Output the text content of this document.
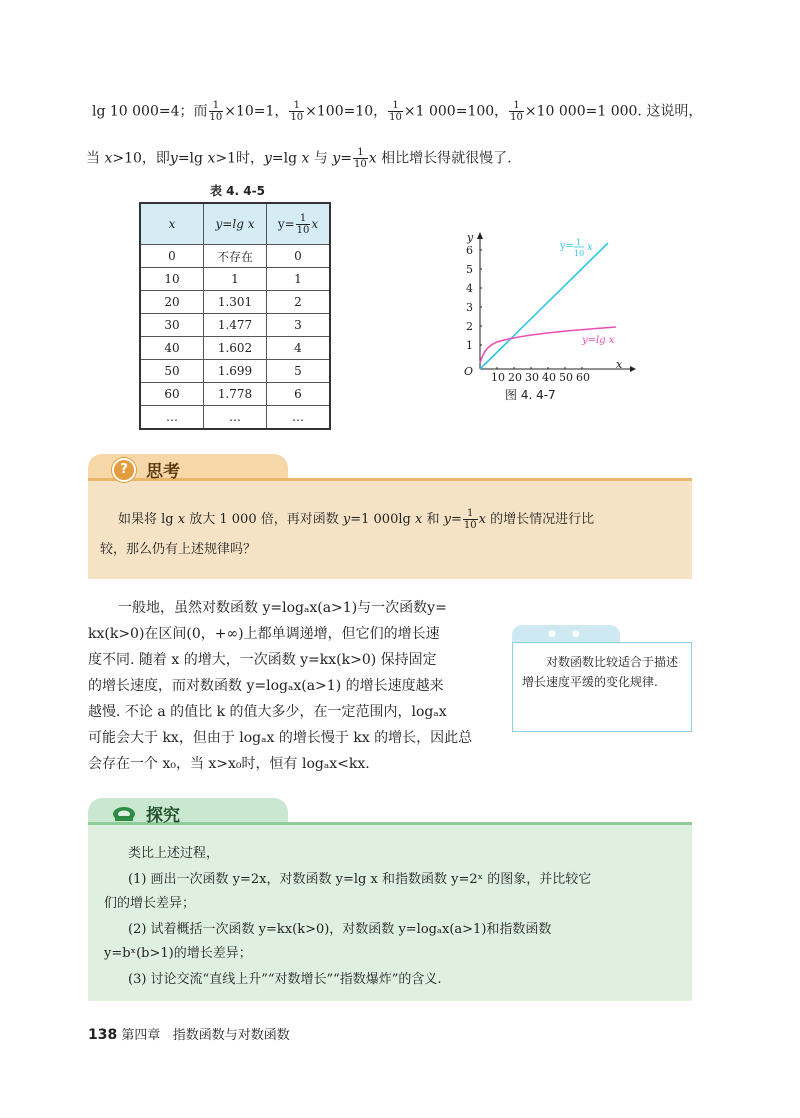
lg 10 000=4；而 $\frac{1}{10} \times 10=1$， $\frac{1}{10} \times 100=10$， $\frac{1}{10} \times 1$ 000=100， $\frac{1}{10} \times 10$ 000=1 000. 这说明，
当 x>10，即y=lg x>1时，y=lg x 与 $y= \frac{1}{10}$ x 相比增长得就很慢了.
表 4. 4-5
x	y=lg x	$y= \frac{1}{10}$ x
0	不存在	0
10	1	1
20	1.301	2
30	1.477	3
40	1.602	4
50	1.699	5
60	1.778	6
…	…	…
x
y
O 10 20 30 40 50 60
1
2
3
4
5
6	y= 1
10
x
y=lg x
图 4. 4-7
?	思考
如果将 lg x 放大 1 000 倍，再对函数 y=1 000lg x 和 $y= \frac{1}{10}$ x 的增长情况进行比
较，那么仍有上述规律吗？
一般地，虽然对数函数 y=logₐx(a>1)与一次函数y=
kx(k>0)在区间(0，+∞)上都单调递增，但它们的增长速
度不同. 随着 x 的增大，一次函数 y=kx(k>0) 保持固定
的增长速度，而对数函数 y=logₐx(a>1) 的增长速度越来
越慢. 不论 a 的值比 k 的值大多少，在一定范围内，logₐx
可能会大于 kx，但由于 logₐx 的增长慢于 kx 的增长，因此总
会存在一个 x₀，当 x>x₀时，恒有 logₐx<kx.
●●
对数函数比较适合于描述增长速度平缓的变化规律.
探究
类比上述过程，
(1) 画出一次函数 y=2x，对数函数 y=lg x 和指数函数 y=2ˣ 的图象，并比较它
们的增长差异；
(2) 试着概括一次函数 y=kx(k>0)，对数函数 y=logₐx(a>1)和指数函数
y=bˣ(b>1)的增长差异；
(3) 讨论交流“直线上升”“对数增长”“指数爆炸”的含义.
138 第四章 指数函数与对数函数
